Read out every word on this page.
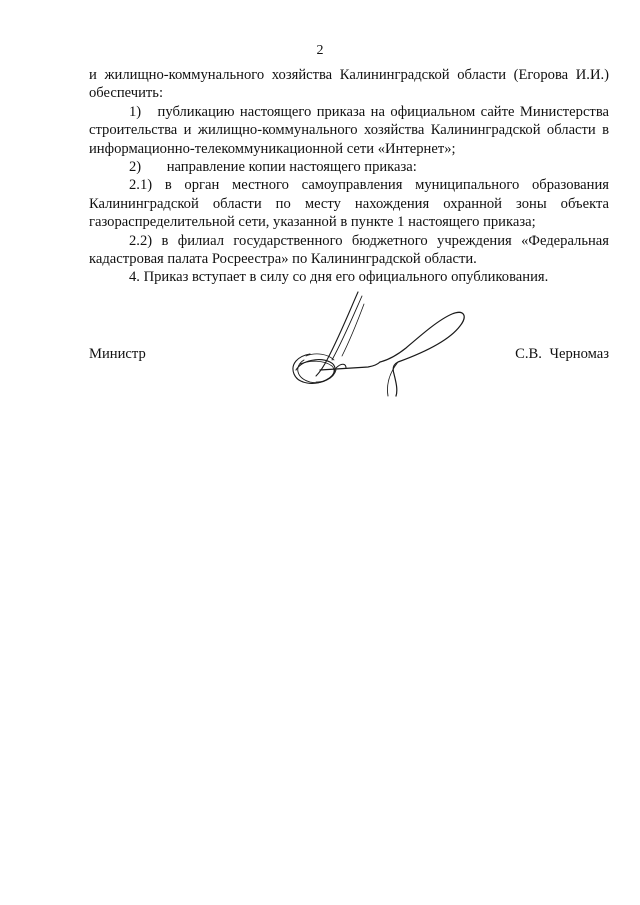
2

и жилищно-коммунального хозяйства Калининградской области (Егорова И.И.) обеспечить:

1)   публикацию настоящего приказа на официальном сайте Министерства строительства и жилищно-коммунального хозяйства Калининградской области в информационно-телекоммуникационной сети «Интернет»;

2)       направление копии настоящего приказа:

2.1) в орган местного самоуправления муниципального образования Калининградской области по месту нахождения охранной зоны объекта газораспределительной сети, указанной в пункте 1 настоящего приказа;

2.2) в филиал государственного бюджетного учреждения «Федеральная кадастровая палата Росреестра» по Калининградской области.

4. Приказ вступает в силу со дня его официального опубликования.

Министр	С.В. Черномаз
